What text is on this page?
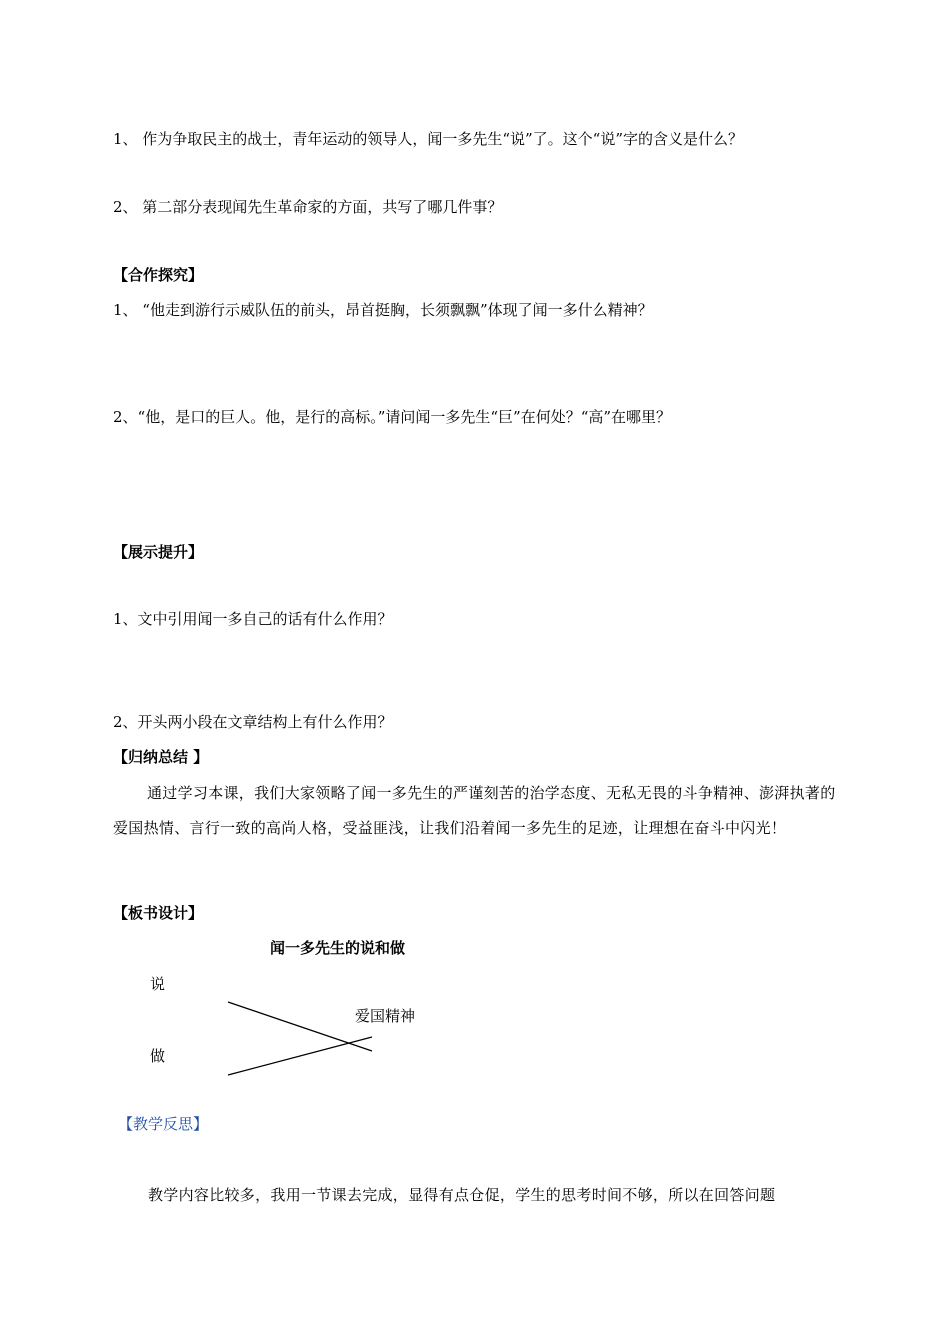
1、 作为争取民主的战士，青年运动的领导人，闻一多先生“说”了。这个“说”字的含义是什么？
2、 第二部分表现闻先生革命家的方面，共写了哪几件事？
【合作探究】
1、 “他走到游行示威队伍的前头，昂首挺胸，长须飘飘”体现了闻一多什么精神？
2、“他，是口的巨人。他，是行的高标。”请问闻一多先生“巨”在何处？“高”在哪里？
【展示提升】
1、文中引用闻一多自己的话有什么作用？
2、开头两小段在文章结构上有什么作用？
【归纳总结 】
通过学习本课，我们大家领略了闻一多先生的严谨刻苦的治学态度、无私无畏的斗争精神、澎湃执著的爱国热情、言行一致的高尚人格，受益匪浅，让我们沿着闻一多先生的足迹，让理想在奋斗中闪光！
【板书设计】
闻一多先生的说和做
说
爱国精神
做
【教学反思】
教学内容比较多，我用一节课去完成，显得有点仓促，学生的思考时间不够，所以在回答问题
